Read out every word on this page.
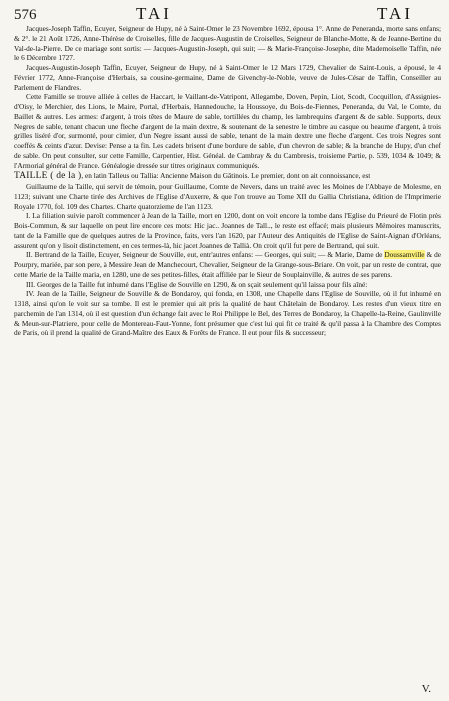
576	TAI	TAI

Jacques-Joseph Taffin, Ecuyer, Seigneur de Hupy, né à Saint-Omer le 23 Novembre 1692, épousa 1°. Anne de Peneranda, morte sans enfans; & 2°. le 21 Août 1726, Anne-Thérèse de Croiselles, fille de Jacques-Augustin de Croiselles, Seigneur de Blanche-Motte, & de Jeanne-Bertine du Val-de-la-Pierre. De ce mariage sont sortis: — Jacques-Augustin-Joseph, qui suit; — & Marie-Françoise-Josephe, dite Mademoiselle Taffin, née le 6 Décembre 1727.

Jacques-Augustin-Joseph Taffin, Ecuyer, Seigneur de Hupy, né à Saint-Omer le 12 Mars 1729, Chevalier de Saint-Louis, a épousé, le 4 Février 1772, Anne-Françoise d'Herbais, sa cousine-germaine, Dame de Givenchy-le-Noble, veuve de Jules-César de Taffin, Conseiller au Parlement de Flandres.

Cette Famille se trouve alliée à celles de Haccart, le Vaillant-de-Vatripont, Allegambe, Doven, Pepin, Liot, Scodt, Cocquillon, d'Assignies-d'Oisy, le Merchier, des Lions, le Maire, Portal, d'Herbais, Hannedouche, la Houssoye, du Bois-de-Fiennes, Peneranda, du Val, le Comte, du Baillet & autres. Les armes: d'argent, à trois têtes de Maure de sable, tortillées du champ, les lambrequins d'argent & de sable. Supports, deux Negres de sable, tenant chacun une fleche d'argent de la main dextre, & soutenant de la senestre le timbre au casque ou heaume d'argent, à trois grilles liséré d'or, surmonté, pour cimier, d'un Negre issant aussi de sable, tenant de la main dextre une fleche d'argent. Ces trois Negres sont coeffés & ceints d'azur. Devise: Pense a ta fin. Les cadets brisent d'une bordure de sable, d'un chevron de sable; & la branche de Hupy, d'un chef de sable. On peut consulter, sur cette Famille, Carpentier, Hist. Généal. de Cambray & du Cambresis, troisieme Partie, p. 539, 1034 & 1049; & l'Armorial général de France. Généalogie dressée sur titres originaux communiqués.

TAILLE ( de la ), en latin Talleus ou Tallia: Ancienne Maison du Gâtinois. Le premier, dont on ait connoissance, est

Guillaume de la Taille, qui servit de témoin, pour Guillaume, Comte de Nevers, dans un traité avec les Moines de l'Abbaye de Molesme, en 1123; suivant une Charte tirée des Archives de l'Eglise d'Auxerre, & que l'on trouve au Tome XII du Gallia Christiana, édition de l'Imprimerie Royale 1770, fol. 109 des Chartes. Charte quatorzieme de l'an 1123.

I. La filiation suivie paroît commencer à Jean de la Taille, mort en 1200, dont on voit encore la tombe dans l'Eglise du Prieuré de Flotin près Bois-Commun, & sur laquelle on peut lire encore ces mots: Hic jac.. Joannes de Tall.., le reste est effacé; mais plusieurs Mémoires manuscrits, tant de la Famille que de quelques autres de la Province, faits, vers l'an 1620, par l'Auteur des Antiquités de l'Eglise de Saint-Aignan d'Orléans, assurent qu'on y lisoit distinctement, en ces termes-là, hic jacet Joannes de Tallià. On croit qu'il fut pere de Bertrand, qui suit.

II. Bertrand de la Taille, Ecuyer, Seigneur de Souville, eut, entr'autres enfans: — Georges, qui suit; — & Marie, Dame de Doussamville & de Pourpry, mariée, par son pere, à Messire Jean de Manchecourt, Chevalier, Seigneur de la Grange-sous-Briare. On voit, par un reste de contrat, que cette Marie de la Taille maria, en 1280, une de ses petites-filles, était affiliée par le Sieur de Souplainville, & autres de ses parens.

III. Georges de la Taille fut inhumé dans l'Eglise de Souville en 1290, & on sçait seulement qu'il laissa pour fils aîné:

IV. Jean de la Taille, Seigneur de Souville & de Bondaroy, qui fonda, en 1308, une Chapelle dans l'Eglise de Souville, où il fut inhumé en 1318, ainsi qu'on le voit sur sa tombe. Il est le premier qui ait pris la qualité de haut Châtelain de Bondaroy. Les restes d'un vieux titre en parchemin de l'an 1314, où il est question d'un échange fait avec le Roi Philippe le Bel, des Terres de Bondaroy, la Chapelle-la-Reine, Gaulinville & Meun-sur-Platriere, pour celle de Montereau-Faut-Yonne, font présumer que c'est lui qui fit ce traité & qu'il passa à la Chambre des Comptes de Paris, où il prend la qualité de Grand-Maître des Eaux & Forêts de France. Il eut pour fils & successeur;

V.
